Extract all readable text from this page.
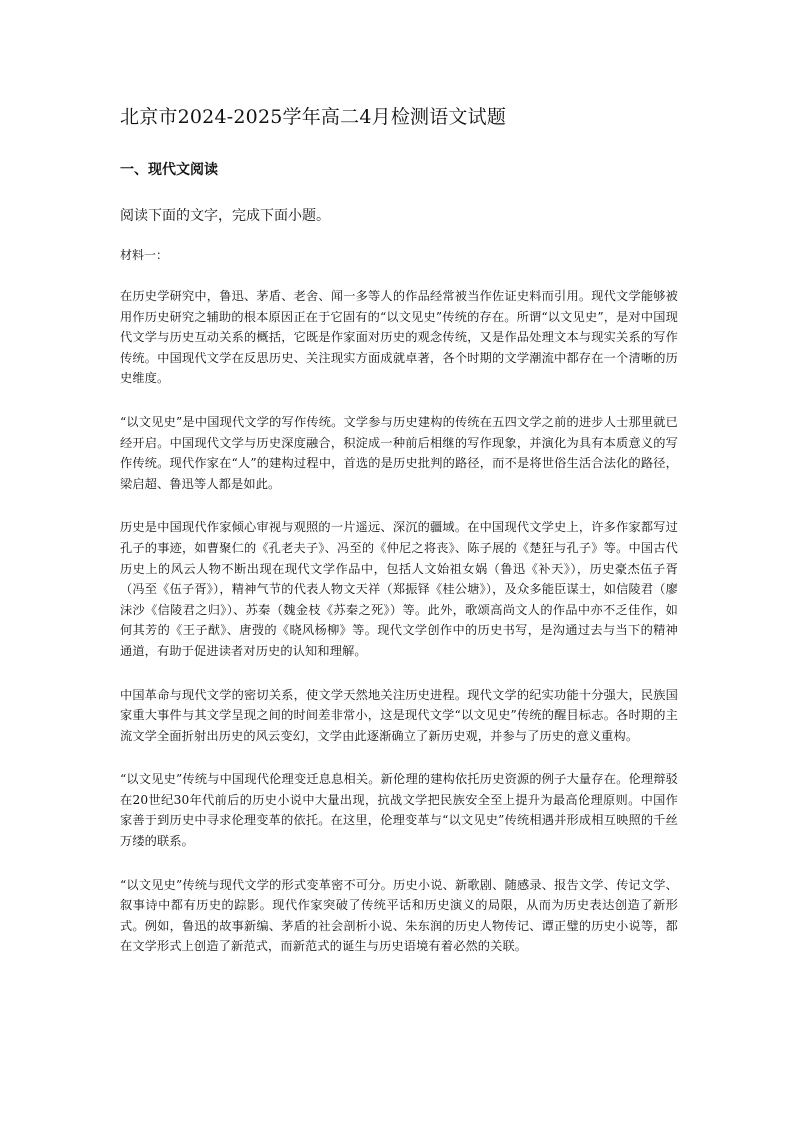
北京市2024-2025学年高二4月检测语文试题
一、现代文阅读
阅读下面的文字，完成下面小题。
材料一：

在历史学研究中，鲁迅、茅盾、老舍、闻一多等人的作品经常被当作佐证史料而引用。现代文学能够被用作历史研究之辅助的根本原因正在于它固有的“以文见史”传统的存在。所谓“以文见史”，是对中国现代文学与历史互动关系的概括，它既是作家面对历史的观念传统，又是作品处理文本与现实关系的写作传统。中国现代文学在反思历史、关注现实方面成就卓著，各个时期的文学潮流中都存在一个清晰的历史维度。

“以文见史”是中国现代文学的写作传统。文学参与历史建构的传统在五四文学之前的进步人士那里就已经开启。中国现代文学与历史深度融合，积淀成一种前后相继的写作现象，并演化为具有本质意义的写作传统。现代作家在“人”的建构过程中，首选的是历史批判的路径，而不是将世俗生活合法化的路径，梁启超、鲁迅等人都是如此。

历史是中国现代作家倾心审视与观照的一片遥远、深沉的疆域。在中国现代文学史上，许多作家都写过孔子的事迹，如曹聚仁的《孔老夫子》、冯至的《仲尼之将丧》、陈子展的《楚狂与孔子》等。中国古代历史上的风云人物不断出现在现代文学作品中，包括人文始祖女娲（鲁迅《补天》），历史豪杰伍子胥（冯至《伍子胥》），精神气节的代表人物文天祥（郑振铎《桂公塘》），及众多能臣谋士，如信陵君（廖沫沙《信陵君之归》）、苏秦（魏金枝《苏秦之死》）等。此外，歌颂高尚文人的作品中亦不乏佳作，如何其芳的《王子猷》、唐弢的《晓风杨柳》等。现代文学创作中的历史书写，是沟通过去与当下的精神通道，有助于促进读者对历史的认知和理解。

中国革命与现代文学的密切关系，使文学天然地关注历史进程。现代文学的纪实功能十分强大，民族国家重大事件与其文学呈现之间的时间差非常小，这是现代文学“以文见史”传统的醒目标志。各时期的主流文学全面折射出历史的风云变幻，文学由此逐渐确立了新历史观，并参与了历史的意义重构。

“以文见史”传统与中国现代伦理变迁息息相关。新伦理的建构依托历史资源的例子大量存在。伦理辩驳在20世纪30年代前后的历史小说中大量出现，抗战文学把民族安全至上提升为最高伦理原则。中国作家善于到历史中寻求伦理变革的依托。在这里，伦理变革与“以文见史”传统相遇并形成相互映照的千丝万缕的联系。

“以文见史”传统与现代文学的形式变革密不可分。历史小说、新歌剧、随感录、报告文学、传记文学、叙事诗中都有历史的踪影。现代作家突破了传统平话和历史演义的局限，从而为历史表达创造了新形式。例如，鲁迅的故事新编、茅盾的社会剖析小说、朱东润的历史人物传记、谭正璧的历史小说等，都在文学形式上创造了新范式，而新范式的诞生与历史语境有着必然的关联。
